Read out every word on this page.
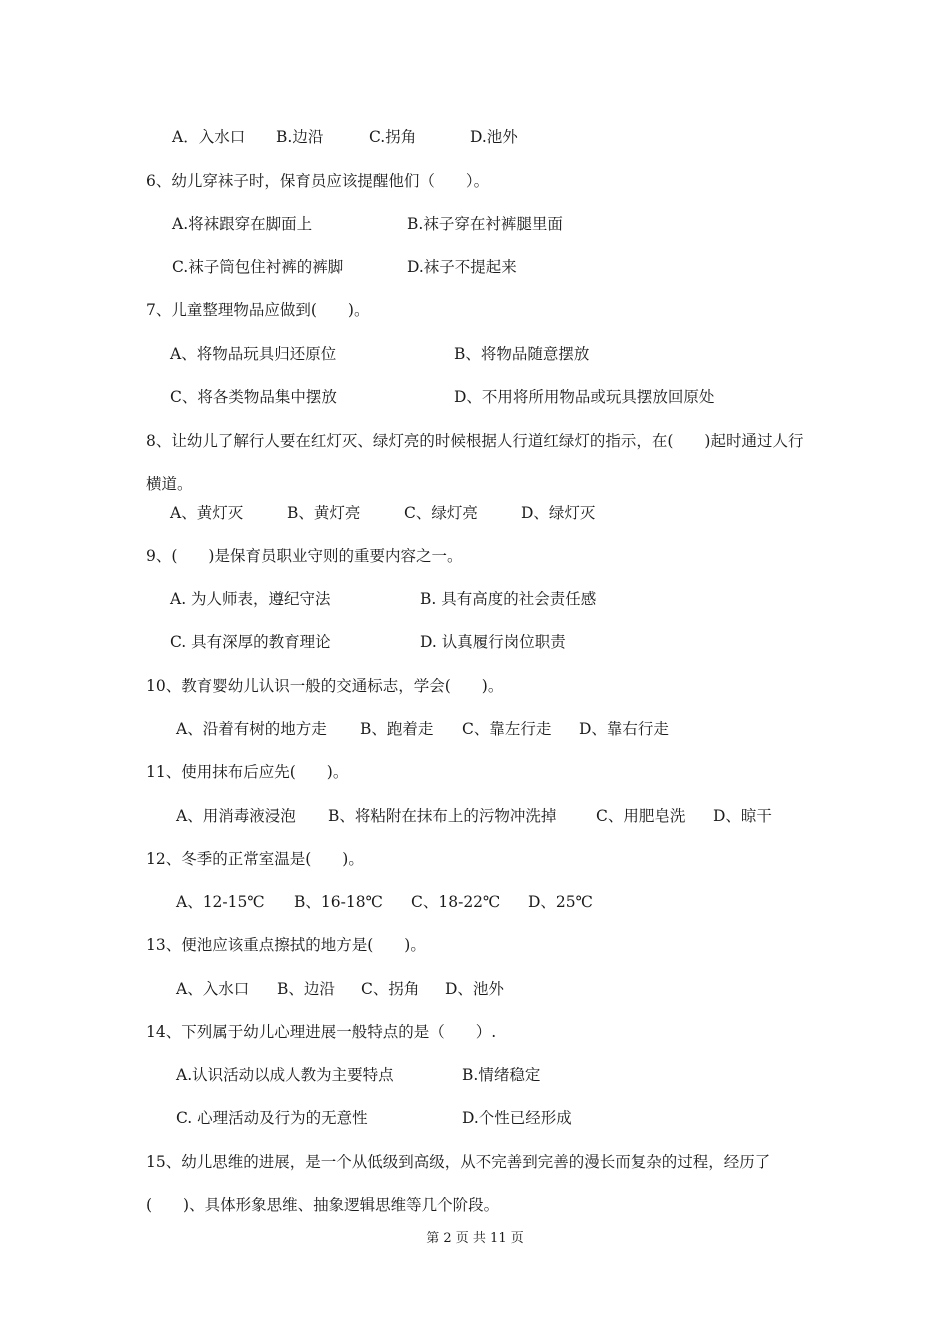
A．入水口 B.边沿	C.拐角	D.池外
6、幼儿穿袜子时，保育员应该提醒他们（　　）。
A.将袜跟穿在脚面上	B.袜子穿在衬裤腿里面
C.袜子筒包住衬裤的裤脚	D.袜子不提起来
7、儿童整理物品应做到(　　)。
A、将物品玩具归还原位	B、将物品随意摆放
C、将各类物品集中摆放	D、不用将所用物品或玩具摆放回原处
8、让幼儿了解行人要在红灯灭、绿灯亮的时候根据人行道红绿灯的指示，在(　　)起时通过人行横道。
A、黄灯灭	B、黄灯亮	C、绿灯亮	D、绿灯灭
9、(　　)是保育员职业守则的重要内容之一。
A. 为人师表，遵纪守法	B. 具有高度的社会责任感
C. 具有深厚的教育理论	D. 认真履行岗位职责
10、教育婴幼儿认识一般的交通标志，学会(　　)。
A、沿着有树的地方走 B、跑着走 C、靠左行走 D、靠右行走
11、使用抹布后应先(　　)。
A、用消毒液浸泡 B、将粘附在抹布上的污物冲洗掉	C、用肥皂洗 D、晾干
12、冬季的正常室温是(　　)。
A、12-15℃ B、16-18℃ C、18-22℃ D、25℃
13、便池应该重点擦拭的地方是(　　)。
A、入水口 B、边沿 C、拐角 D、池外
14、下列属于幼儿心理进展一般特点的是（　　）.
A.认识活动以成人教为主要特点	B.情绪稳定
C. 心理活动及行为的无意性	D.个性已经形成
15、幼儿思维的进展，是一个从低级到高级，从不完善到完善的漫长而复杂的过程，经历了(　　)、具体形象思维、抽象逻辑思维等几个阶段。
第 2 页 共 11 页
